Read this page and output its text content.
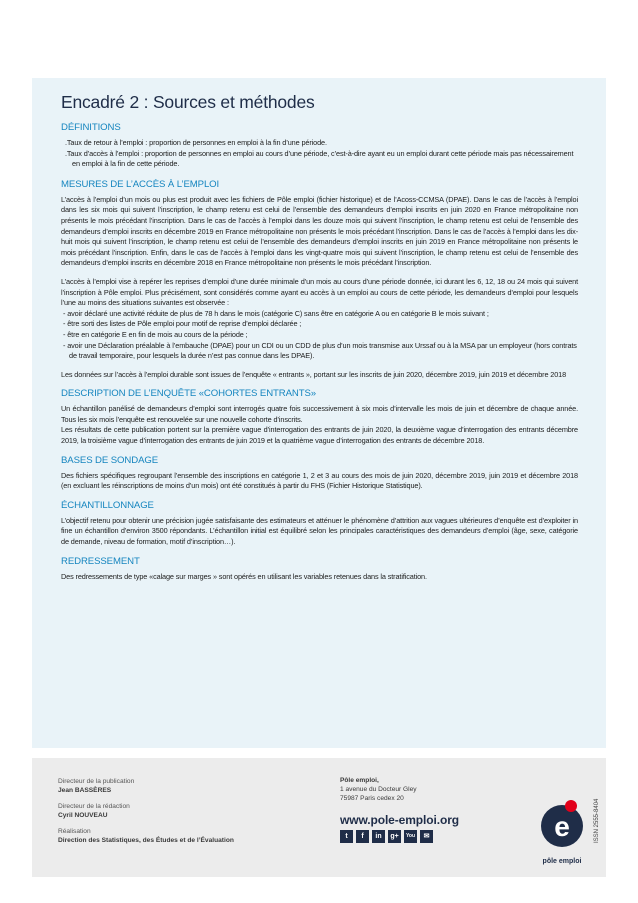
Encadré 2 : Sources et méthodes
DÉFINITIONS
.Taux de retour à l’emploi : proportion de personnes en emploi à la fin d’une période.
.Taux d’accès à l’emploi : proportion de personnes en emploi au cours d’une période, c’est-à-dire ayant eu un emploi durant cette période mais pas nécessairement en emploi à la fin de cette période.
MESURES DE L’ACCÈS À L’EMPLOI

L’accès à l’emploi d’un mois ou plus est produit avec les fichiers de Pôle emploi (fichier historique) et de l’Acoss-CCMSA (DPAE). Dans le cas de l’accès à l’emploi dans les six mois qui suivent l’inscription, le champ retenu est celui de l’ensemble des demandeurs d’emploi inscrits en juin 2020 en France métropolitaine non présents le mois précédant l’inscription. Dans le cas de l’accès à l’emploi dans les douze mois qui suivent l’inscription, le champ retenu est celui de l’ensemble des demandeurs d’emploi inscrits en décembre 2019 en France métropolitaine non présents le mois précédant l’inscription. Dans le cas de l’accès à l’emploi dans les dix-huit mois qui suivent l’inscription, le champ retenu est celui de l’ensemble des demandeurs d’emploi inscrits en juin 2019 en France métropolitaine non présents le mois précédant l’inscription. Enfin, dans le cas de l’accès à l’emploi dans les vingt-quatre mois qui suivent l’inscription, le champ retenu est celui de l’ensemble des demandeurs d’emploi inscrits en décembre 2018 en France métropolitaine non présents le mois précédant l’inscription.

L’accès à l’emploi vise à repérer les reprises d’emploi d’une durée minimale d’un mois au cours d’une période donnée, ici durant les 6, 12, 18 ou 24 mois qui suivent l’inscription à Pôle emploi. Plus précisément, sont considérés comme ayant eu accès à un emploi au cours de cette période, les demandeurs d’emploi pour lesquels l’une au moins des situations suivantes est observée :

- avoir déclaré une activité réduite de plus de 78 h dans le mois (catégorie C) sans être en catégorie A ou en catégorie B le mois suivant ;
- être sorti des listes de Pôle emploi pour motif de reprise d’emploi déclarée ;
- être en catégorie E en fin de mois au cours de la période ;
- avoir une Déclaration préalable à l’embauche (DPAE) pour un CDI ou un CDD de plus d’un mois transmise aux Urssaf ou à la MSA par un employeur (hors contrats de travail temporaire, pour lesquels la durée n’est pas connue dans les DPAE).

Les données sur l’accès à l’emploi durable sont issues de l’enquête « entrants », portant sur les inscrits de juin 2020, décembre 2019, juin 2019 et décembre 2018

DESCRIPTION DE L’ENQUÊTE «COHORTES ENTRANTS»

Un échantillon panélisé de demandeurs d’emploi sont interrogés quatre fois successivement à six mois d’intervalle les mois de juin et décembre de chaque année. Tous les six mois l’enquête est renouvelée sur une nouvelle cohorte d’inscrits.

Les résultats de cette publication portent sur la première vague d’interrogation des entrants de juin 2020, la deuxième vague d’interrogation des entrants décembre 2019, la troisième vague d’interrogation des entrants de juin 2019 et la quatrième vague d’interrogation des entrants de décembre 2018.

BASES DE SONDAGE

Des fichiers spécifiques regroupant l’ensemble des inscriptions en catégorie 1, 2 et 3 au cours des mois de juin 2020, décembre 2019, juin 2019 et décembre 2018 (en excluant les réinscriptions de moins d’un mois) ont été constitués à partir du FHS (Fichier Historique Statistique).

ÉCHANTILLONNAGE

L’objectif retenu pour obtenir une précision jugée satisfaisante des estimateurs et atténuer le phénomène d’attrition aux vagues ultérieures d’enquête est d’exploiter in fine un échantillon d’environ 3500 répondants. L’échantillon initial est équilibré selon les principales caractéristiques des demandeurs d’emploi (âge, sexe, catégorie de demande, niveau de formation, motif d’inscription…).

REDRESSEMENT

Des redressements de type «calage sur marges » sont opérés en utilisant les variables retenues dans la stratification.

Directeur de la publication
Jean BASSÈRES
Directeur de la rédaction
Cyril NOUVEAU
Réalisation
Direction des Statistiques, des Études et de l’Évaluation
Pôle emploi,
1 avenue du Docteur Gley
75987 Paris cedex 20
www.pole-emploi.org
t	f	in	g+	You	✉	e
pôle emploi
ISSN 2555-8404
